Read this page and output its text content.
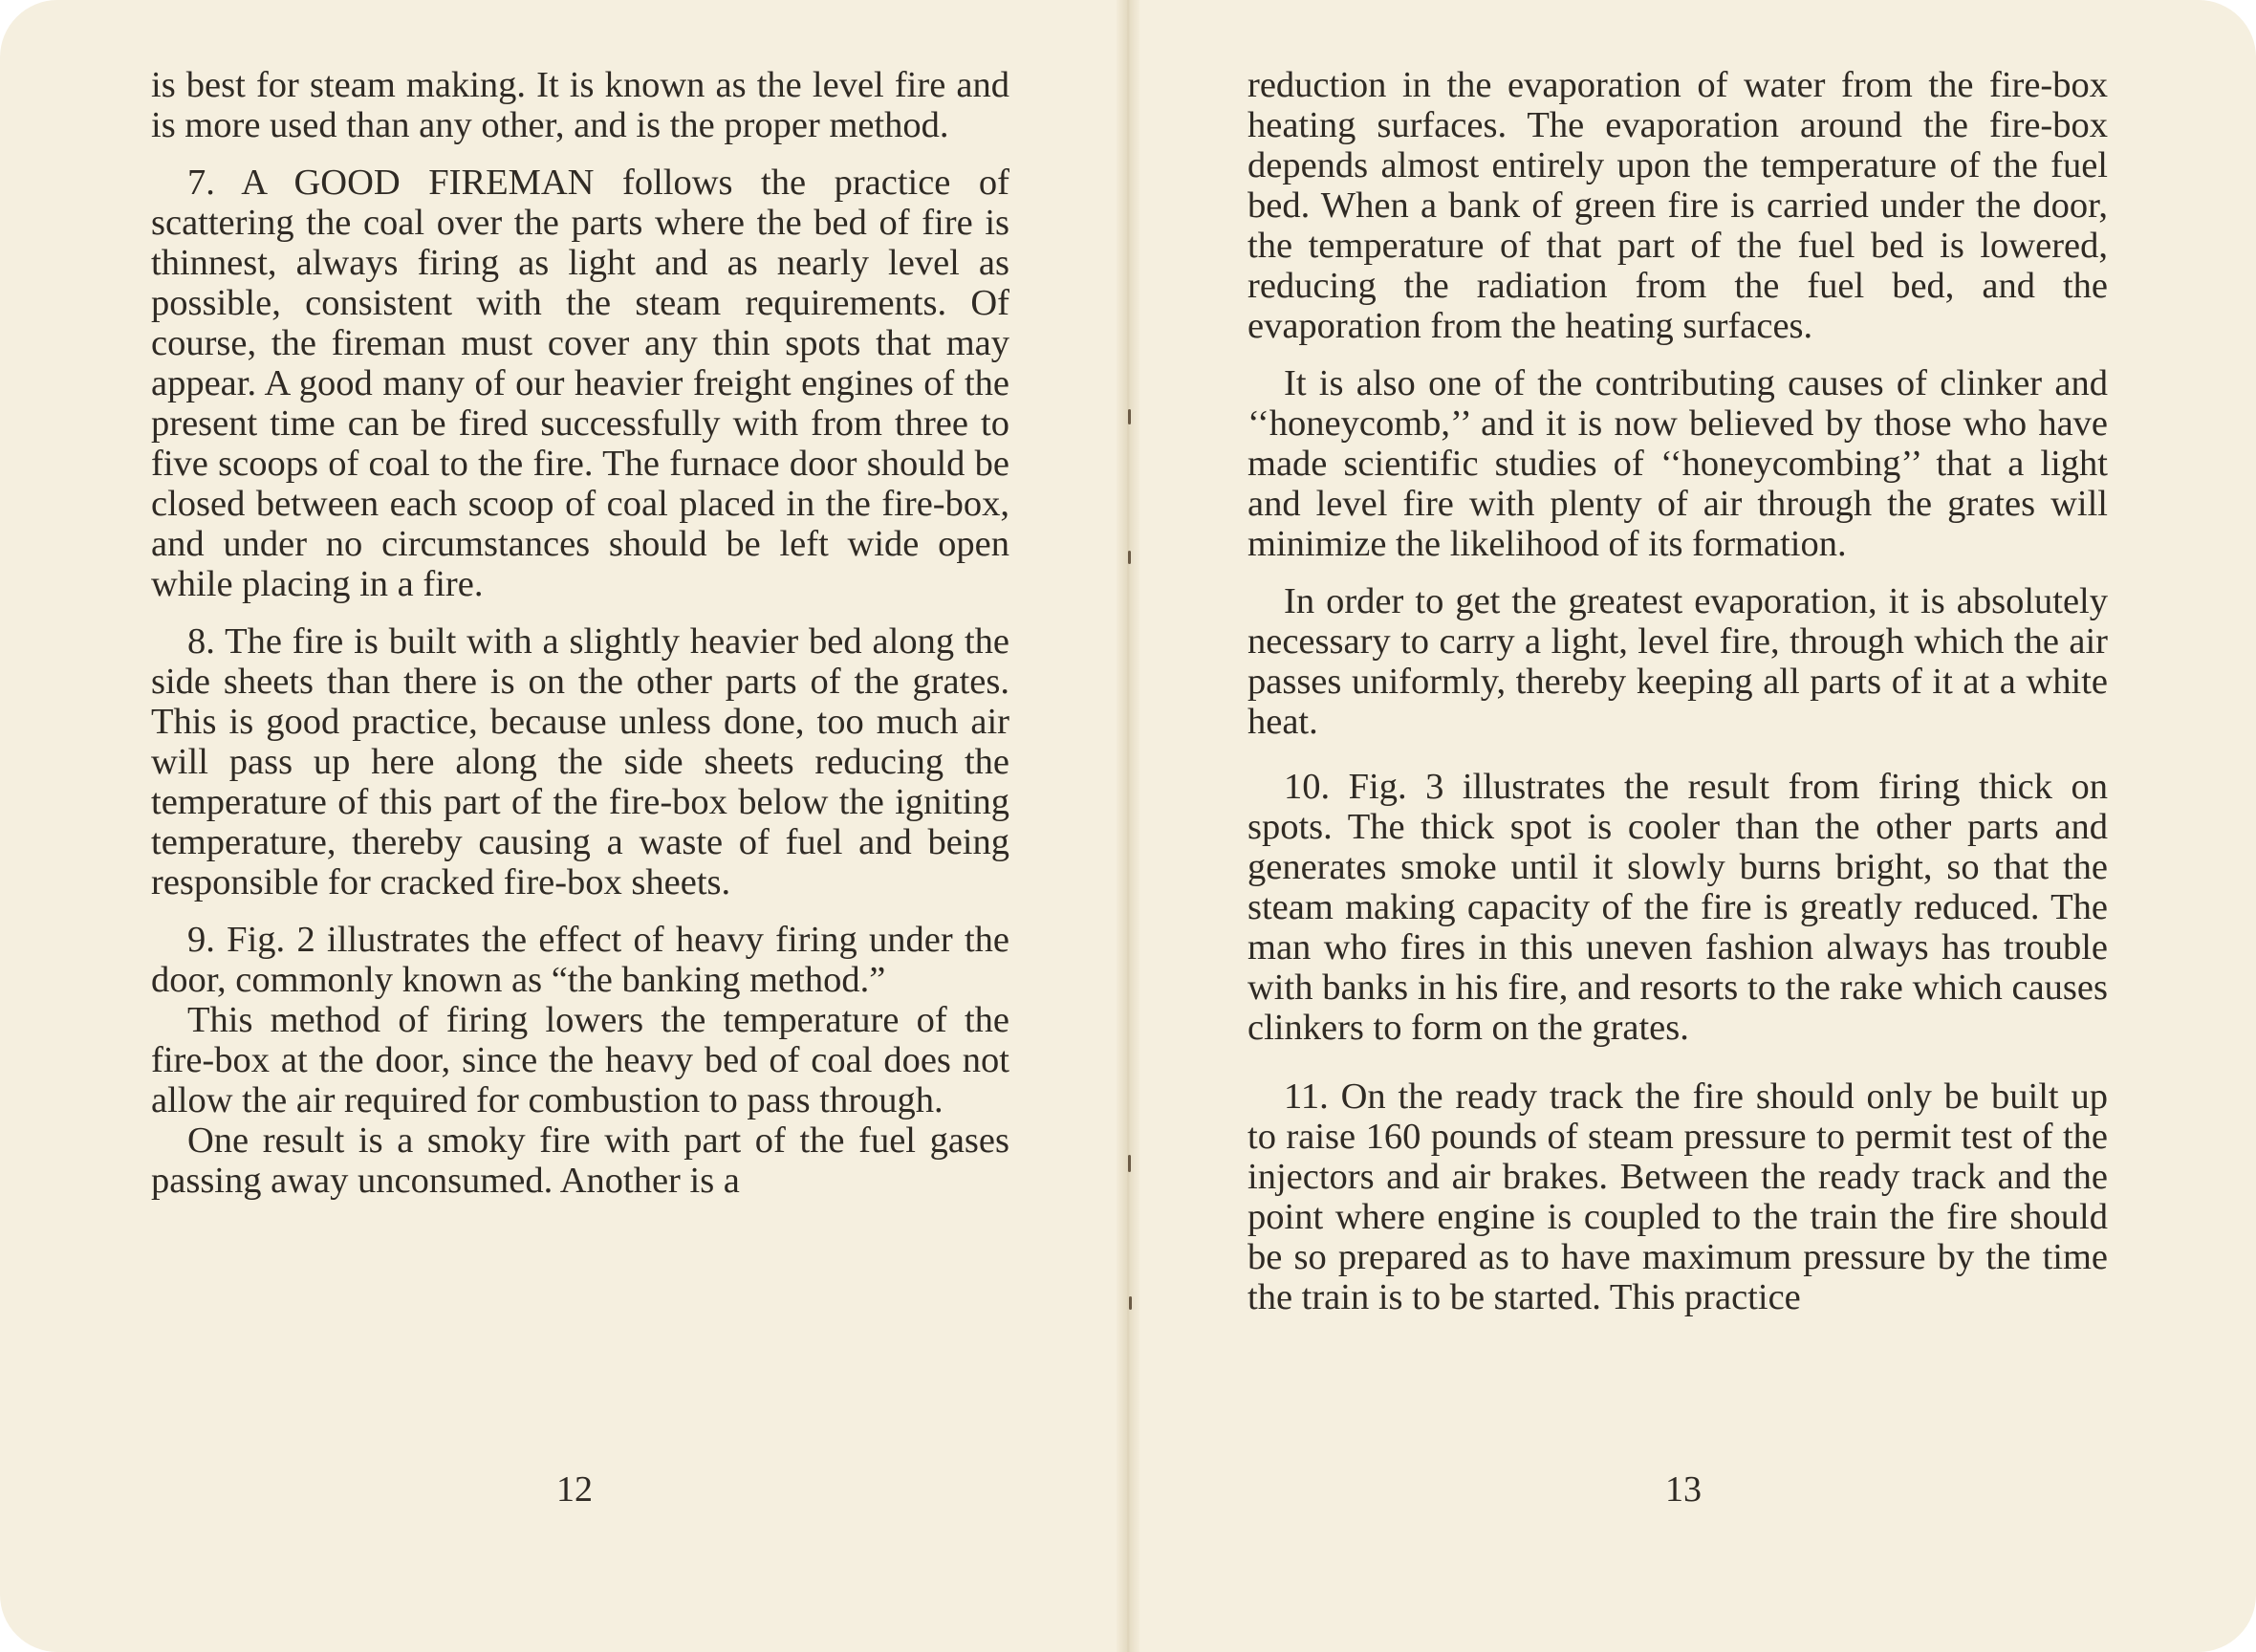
is best for steam making. It is known as the level fire and is more used than any other, and is the proper method.

7. A GOOD FIREMAN follows the practice of scattering the coal over the parts where the bed of fire is thinnest, always firing as light and as nearly level as possible, consistent with the steam requirements. Of course, the fireman must cover any thin spots that may appear. A good many of our heavier freight engines of the present time can be fired successfully with from three to five scoops of coal to the fire. The furnace door should be closed between each scoop of coal placed in the fire-box, and under no circumstances should be left wide open while placing in a fire.

8. The fire is built with a slightly heavier bed along the side sheets than there is on the other parts of the grates. This is good practice, because unless done, too much air will pass up here along the side sheets reducing the temperature of this part of the fire-box below the igniting temperature, thereby causing a waste of fuel and being responsible for cracked fire-box sheets.

9. Fig. 2 illustrates the effect of heavy firing under the door, commonly known as “the banking method.”

This method of firing lowers the temperature of the fire-box at the door, since the heavy bed of coal does not allow the air required for combustion to pass through.

One result is a smoky fire with part of the fuel gases passing away unconsumed. Another is a

reduction in the evaporation of water from the fire-box heating surfaces. The evaporation around the fire-box depends almost entirely upon the temperature of the fuel bed. When a bank of green fire is carried under the door, the temperature of that part of the fuel bed is lowered, reducing the radiation from the fuel bed, and the evaporation from the heating surfaces.

It is also one of the contributing causes of clinker and ‘‘honeycomb,’’ and it is now believed by those who have made scientific studies of ‘‘honeycombing’’ that a light and level fire with plenty of air through the grates will minimize the likelihood of its formation.

In order to get the greatest evaporation, it is absolutely necessary to carry a light, level fire, through which the air passes uniformly, thereby keeping all parts of it at a white heat.

10. Fig. 3 illustrates the result from firing thick on spots. The thick spot is cooler than the other parts and generates smoke until it slowly burns bright, so that the steam making capacity of the fire is greatly reduced. The man who fires in this uneven fashion always has trouble with banks in his fire, and resorts to the rake which causes clinkers to form on the grates.

11. On the ready track the fire should only be built up to raise 160 pounds of steam pressure to permit test of the injectors and air brakes. Between the ready track and the point where engine is coupled to the train the fire should be so prepared as to have maximum pressure by the time the train is to be started. This practice

12	13
